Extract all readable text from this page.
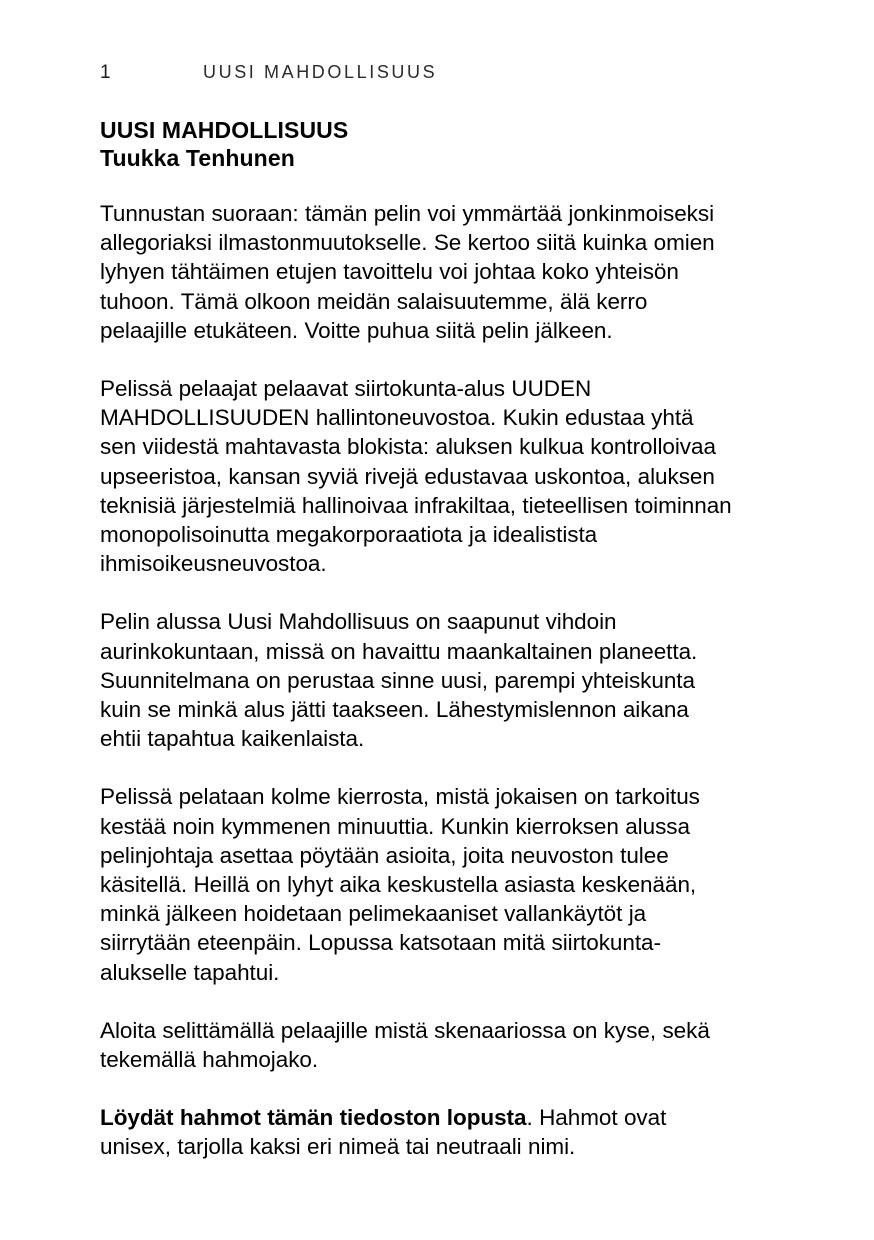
1	UUSI MAHDOLLISUUS
UUSI MAHDOLLISUUS
Tuukka Tenhunen

Tunnustan suoraan: tämän pelin voi ymmärtää jonkinmoiseksi allegoriaksi ilmastonmuutokselle. Se kertoo siitä kuinka omien lyhyen tähtäimen etujen tavoittelu voi johtaa koko yhteisön tuhoon. Tämä olkoon meidän salaisuutemme, älä kerro pelaajille etukäteen. Voitte puhua siitä pelin jälkeen.

Pelissä pelaajat pelaavat siirtokunta-alus UUDEN MAHDOLLISUUDEN hallintoneuvostoa. Kukin edustaa yhtä sen viidestä mahtavasta blokista: aluksen kulkua kontrolloivaa upseeristoa, kansan syviä rivejä edustavaa uskontoa, aluksen teknisiä järjestelmiä hallinoivaa infrakiltaa, tieteellisen toiminnan monopolisoinutta megakorporaatiota ja idealistista ihmisoikeusneuvostoa.

Pelin alussa Uusi Mahdollisuus on saapunut vihdoin aurinkokuntaan, missä on havaittu maankaltainen planeetta. Suunnitelmana on perustaa sinne uusi, parempi yhteiskunta kuin se minkä alus jätti taakseen. Lähestymislennon aikana ehtii tapahtua kaikenlaista.

Pelissä pelataan kolme kierrosta, mistä jokaisen on tarkoitus kestää noin kymmenen minuuttia. Kunkin kierroksen alussa pelinjohtaja asettaa pöytään asioita, joita neuvoston tulee käsitellä. Heillä on lyhyt aika keskustella asiasta keskenään, minkä jälkeen hoidetaan pelimekaaniset vallankäytöt ja siirrytään eteenpäin. Lopussa katsotaan mitä siirtokunta-alukselle tapahtui.

Aloita selittämällä pelaajille mistä skenaariossa on kyse, sekä tekemällä hahmojako.

Löydät hahmot tämän tiedoston lopusta. Hahmot ovat unisex, tarjolla kaksi eri nimeä tai neutraali nimi.
